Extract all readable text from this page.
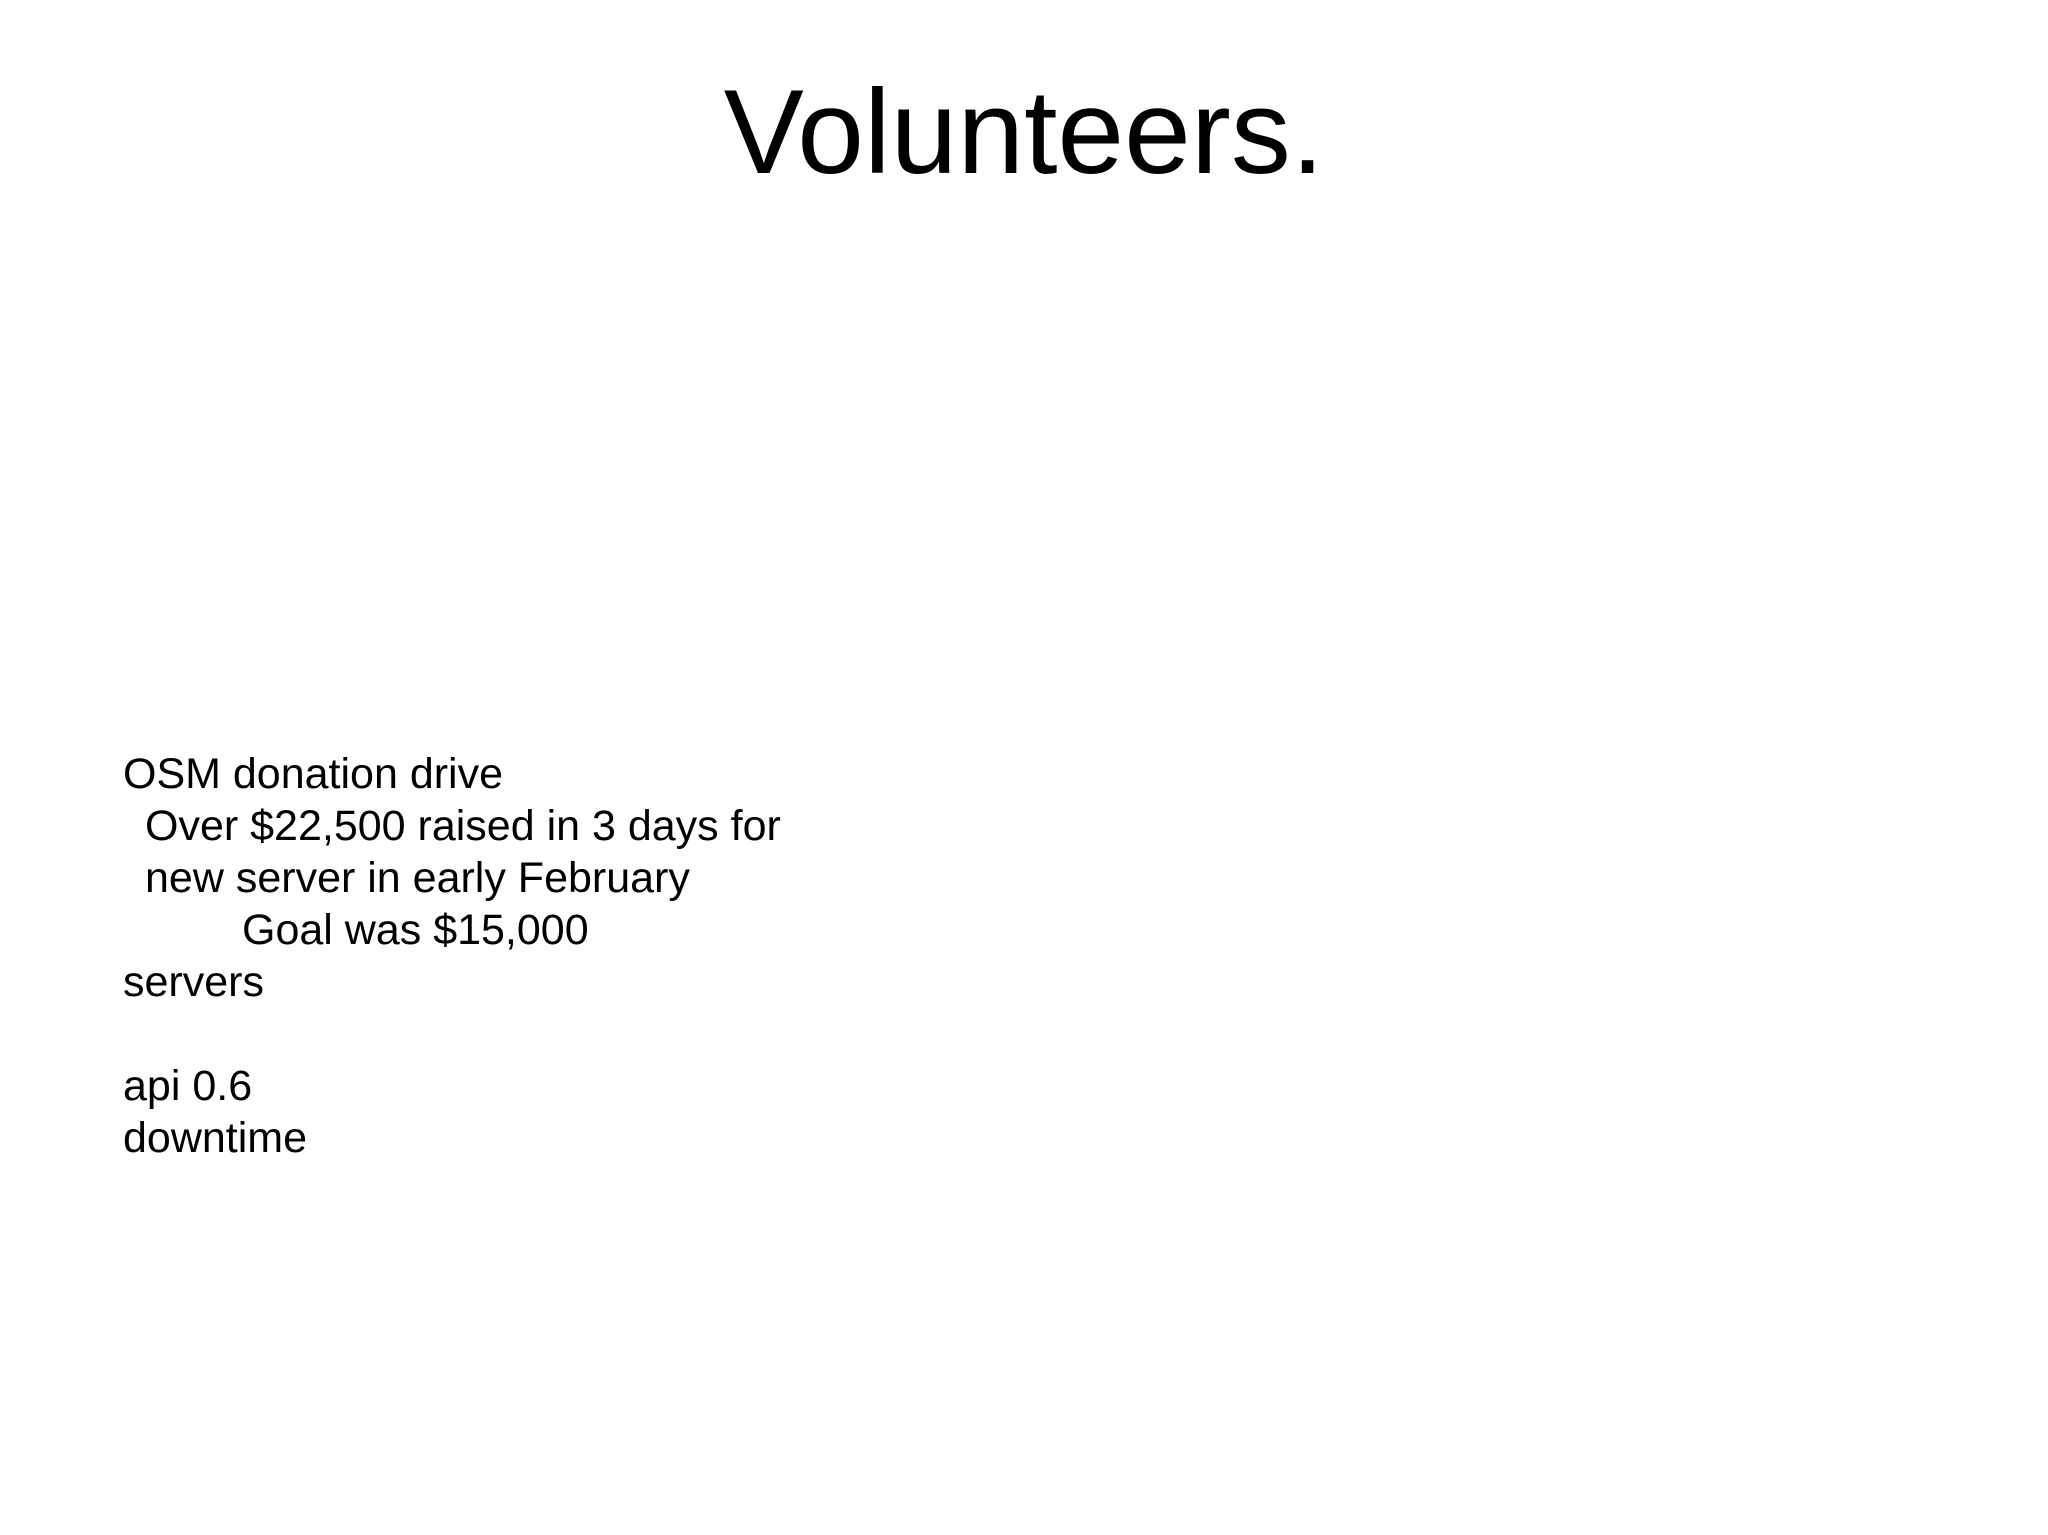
Volunteers.
OSM donation drive
Over $22,500 raised in 3 days for
new server in early February
Goal was $15,000
servers
api 0.6
downtime
